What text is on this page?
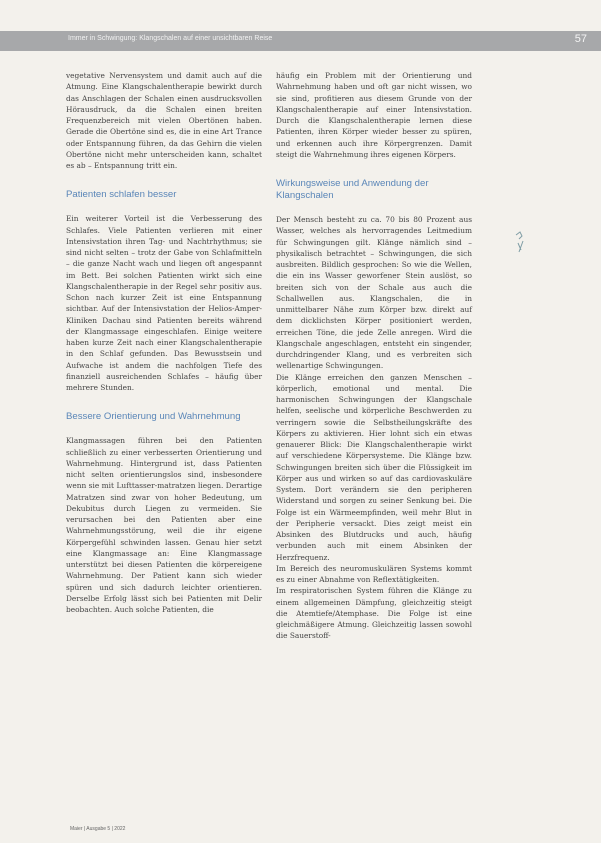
Immer in Schwingung: Klangschalen auf einer unsichtbaren Reise	57

vegetative Nervensystem und damit auch auf die Atmung. Eine Klangschalentherapie bewirkt durch das Anschlagen der Schalen einen ausdrucksvollen Hörausdruck, da die Schalen einen breiten Frequenzbereich mit vielen Obertönen haben. Gerade die Obertöne sind es, die in eine Art Trance oder Entspannung führen, da das Gehirn die vielen Obertöne nicht mehr unterscheiden kann, schaltet es ab – Entspannung tritt ein.

Patienten schlafen besser

Ein weiterer Vorteil ist die Verbesserung des Schlafes. Viele Patienten verlieren mit einer Intensivstation ihren Tag- und Nachtrhythmus; sie sind nicht selten – trotz der Gabe von Schlafmitteln – die ganze Nacht wach und liegen oft angespannt im Bett. Bei solchen Patienten wirkt sich eine Klangschalentherapie in der Regel sehr positiv aus. Schon nach kurzer Zeit ist eine Entspannung sichtbar. Auf der Intensivstation der Helios-Amper-Kliniken Dachau sind Patienten bereits während der Klangmassage eingeschlafen. Einige weitere haben kurze Zeit nach einer Klangschalentherapie in den Schlaf gefunden. Das Bewusstsein und Aufwache ist andem die nachfolgen Tiefe des finanziell ausreichenden Schlafes – häufig über mehrere Stunden.

Bessere Orientierung und Wahrnehmung

Klangmassagen führen bei den Patienten schließlich zu einer verbesserten Orientierung und Wahrnehmung. Hintergrund ist, dass Patienten nicht selten orientierungslos sind, insbesondere wenn sie mit Lufttasser-matratzen liegen. Derartige Matratzen sind zwar von hoher Bedeutung, um Dekubitus durch Liegen zu vermeiden. Sie verursachen bei den Patienten aber eine Wahrnehmungsstörung, weil die ihr eigene Körpergefühl schwinden lassen. Genau hier setzt eine Klangmassage an: Eine Klangmassage unterstützt bei diesen Patienten die körpereigene Wahrnehmung. Der Patient kann sich wieder spüren und sich dadurch leichter orientieren. Derselbe Erfolg lässt sich bei Patienten mit Delir beobachten. Auch solche Patienten, die

häufig ein Problem mit der Orientierung und Wahrnehmung haben und oft gar nicht wissen, wo sie sind, profitieren aus diesem Grunde von der Klangschalentherapie auf einer Intensivstation. Durch die Klangschalentherapie lernen diese Patienten, ihren Körper wieder besser zu spüren, und erkennen auch ihre Körpergrenzen. Damit steigt die Wahrnehmung ihres eigenen Körpers.

Wirkungsweise und Anwendung der Klangschalen

Der Mensch besteht zu ca. 70 bis 80 Prozent aus Wasser, welches als hervorragendes Leitmedium für Schwingungen gilt. Klänge nämlich sind – physikalisch betrachtet – Schwingungen, die sich ausbreiten. Bildlich gesprochen: So wie die Wellen, die ein ins Wasser geworfener Stein auslöst, so breiten sich von der Schale aus auch die Schallwellen aus. Klangschalen, die in unmittelbarer Nähe zum Körper bzw. direkt auf dem dicklichsten Körper positioniert werden, erreichen Töne, die jede Zelle anregen. Wird die Klangschale angeschlagen, entsteht ein singender, durchdringender Klang, und es verbreiten sich wellenartige Schwingungen.

Die Klänge erreichen den ganzen Menschen – körperlich, emotional und mental. Die harmonischen Schwingungen der Klangschale helfen, seelische und körperliche Beschwerden zu verringern sowie die Selbstheilungskräfte des Körpers zu aktivieren. Hier lohnt sich ein etwas genauerer Blick: Die Klangschalentherapie wirkt auf verschiedene Körpersysteme. Die Klänge bzw. Schwingungen breiten sich über die Flüssigkeit im Körper aus und wirken so auf das cardiovaskuläre System. Dort verändern sie den peripheren Widerstand und sorgen zu seiner Senkung bei. Die Folge ist ein Wärmeempfinden, weil mehr Blut in der Peripherie versackt. Dies zeigt meist ein Absinken des Blutdrucks und auch, häufig verbunden auch mit einem Absinken der Herzfrequenz.

Im Bereich des neuromuskulären Systems kommt es zu einer Abnahme von Reflextätigkeiten.

Im respiratorischen System führen die Klänge zu einem allgemeinen Dämpfung, gleichzeitig steigt die Atemtiefe/Atemphase. Die Folge ist eine gleichmäßigere Atmung. Gleichzeitig lassen sowohl die Sauerstoff-

Maier | Ausgabe 5 | 2022
